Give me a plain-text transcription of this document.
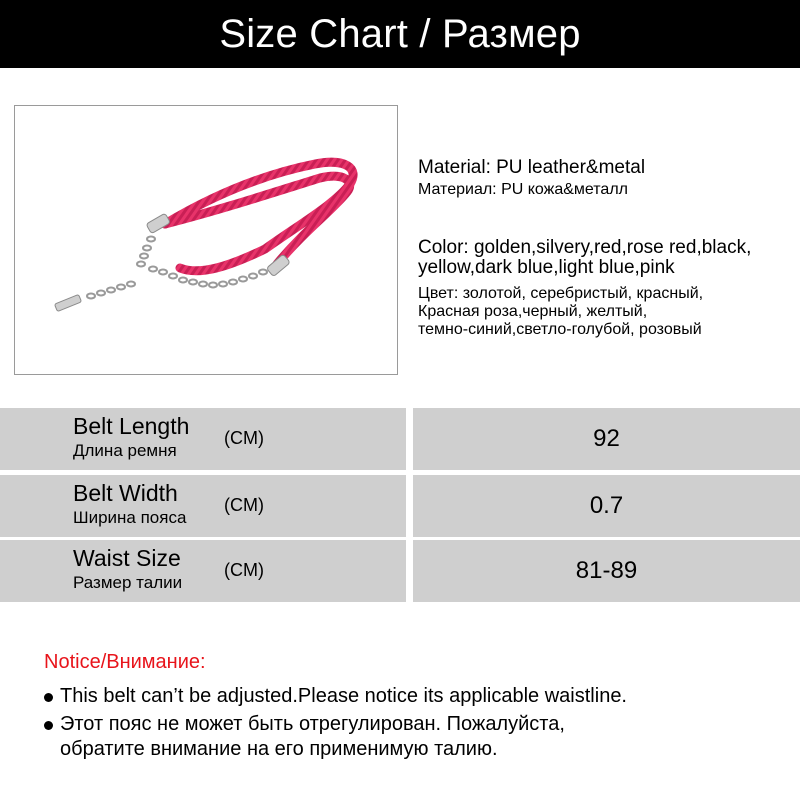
Size Chart / Размер
Material: PU leather&metal
Материал: PU кожа&металл
Color: golden,silvery,red,rose red,black,
yellow,dark blue,light blue,pink
Цвет: золотой, серебристый, красный,
Красная роза,черный, желтый,
темно-синий,светло-голубой, розовый
Belt Length
Длина ремня
(CM)	92
Belt Width
Ширина пояса
(CM)	0.7
Waist Size
Размер талии
(CM)	81-89
Notice/Внимание:
This belt can’t be adjusted.Please notice its applicable waistline.
Этот пояс не может быть отрегулирован. Пожалуйста,
обратите внимание на его применимую талию.
